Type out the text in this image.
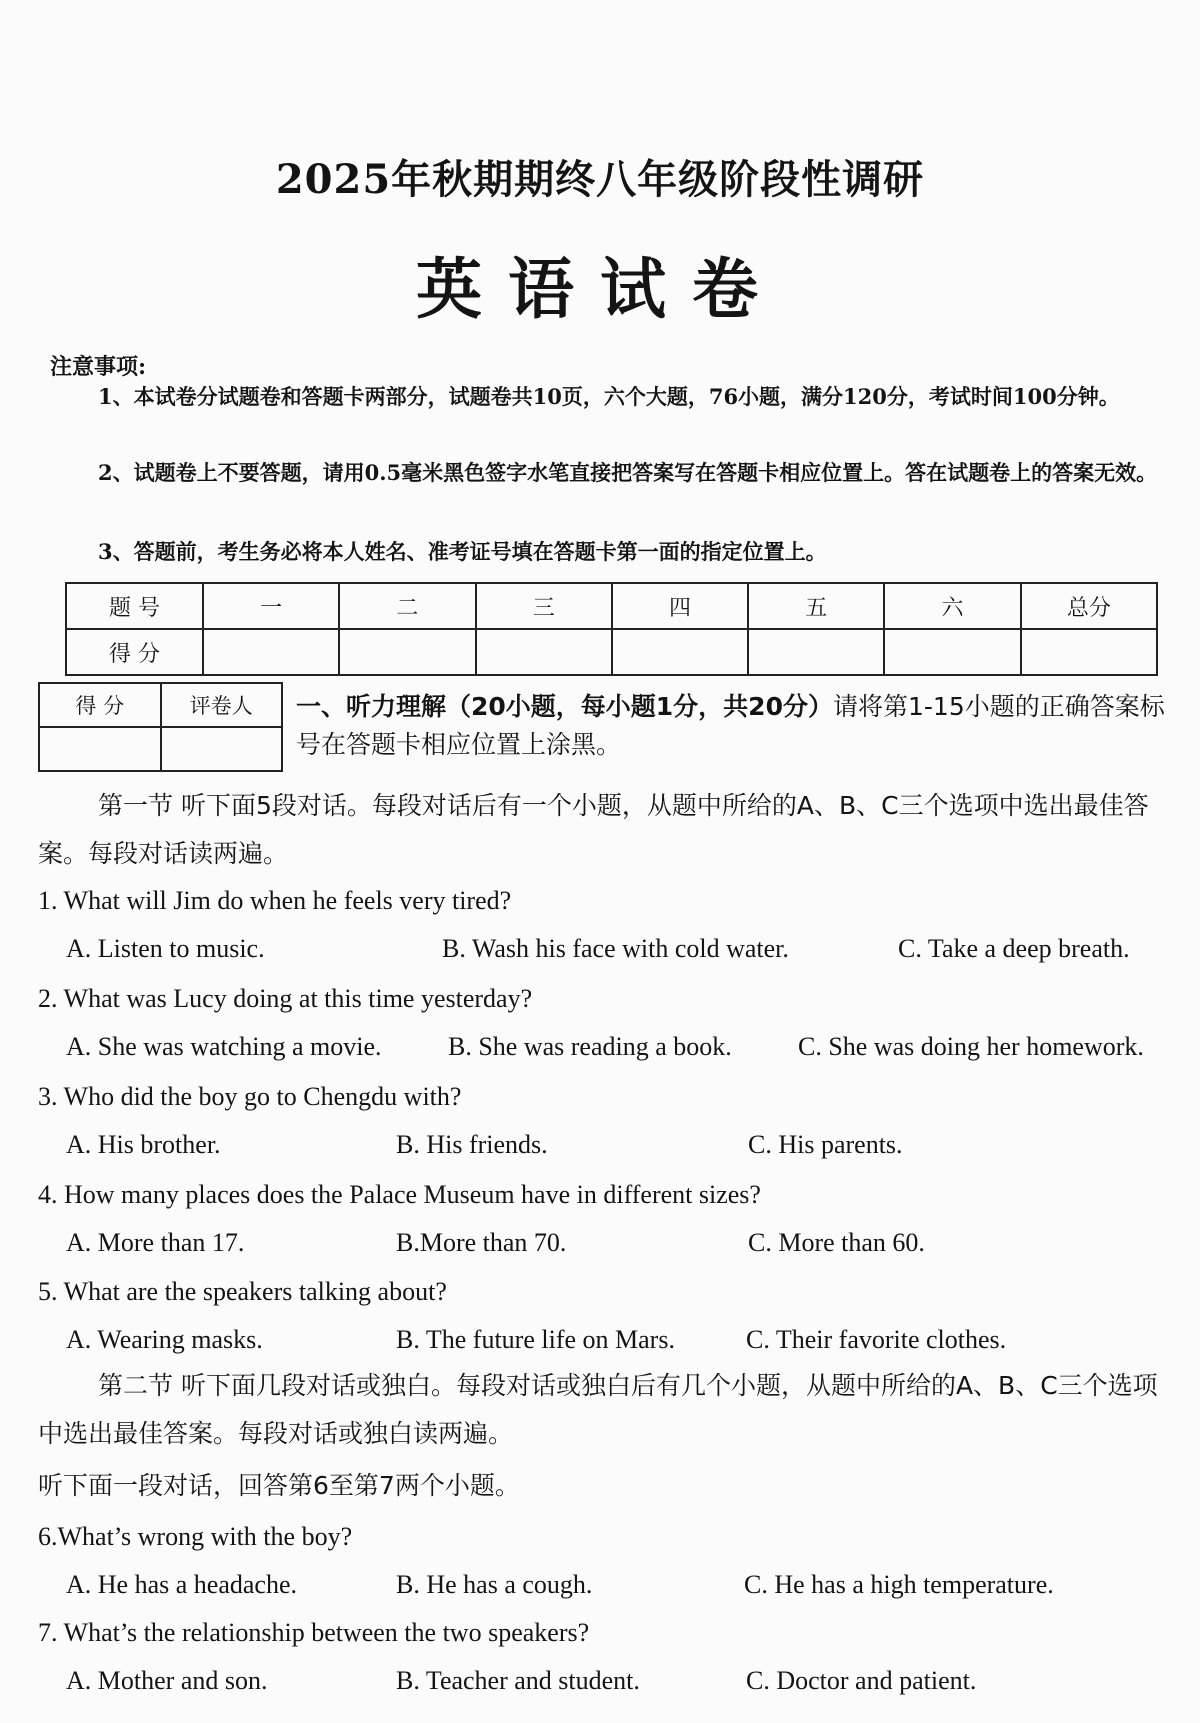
2025年秋期期终八年级阶段性调研
英语试卷
注意事项:
1、本试卷分试题卷和答题卡两部分，试题卷共10页，六个大题，76小题，满分120分，考试时间100分钟。
2、试题卷上不要答题，请用0.5毫米黑色签字水笔直接把答案写在答题卡相应位置上。答在试题卷上的答案无效。
3、答题前，考生务必将本人姓名、准考证号填在答题卡第一面的指定位置上。
题 号	一	二	三	四	五	六	总分
得 分							
得 分	评卷人
	一、听力理解（20小题，每小题1分，共20分）请将第1-15小题的正确答案标号在答题卡相应位置上涂黑。
第一节 听下面5段对话。每段对话后有一个小题，从题中所给的A、B、C三个选项中选出最佳答案。每段对话读两遍。
1. What will Jim do when he feels very tired?
A. Listen to music.	B. Wash his face with cold water.	C. Take a deep breath.
2. What was Lucy doing at this time yesterday?
A. She was watching a movie.	B. She was reading a book.	C. She was doing her homework.
3. Who did the boy go to Chengdu with?
A. His brother.	B. His friends.	C. His parents.
4. How many places does the Palace Museum have in different sizes?
A. More than 17.	B.More than 70.	C. More than 60.
5. What are the speakers talking about?
A. Wearing masks.	B. The future life on Mars.	C. Their favorite clothes.
第二节 听下面几段对话或独白。每段对话或独白后有几个小题，从题中所给的A、B、C三个选项中选出最佳答案。每段对话或独白读两遍。
听下面一段对话，回答第6至第7两个小题。
6.What’s wrong with the boy?
A. He has a headache.	B. He has a cough.	C. He has a high temperature.
7. What’s the relationship between the two speakers?
A. Mother and son.	B. Teacher and student.	C. Doctor and patient.
